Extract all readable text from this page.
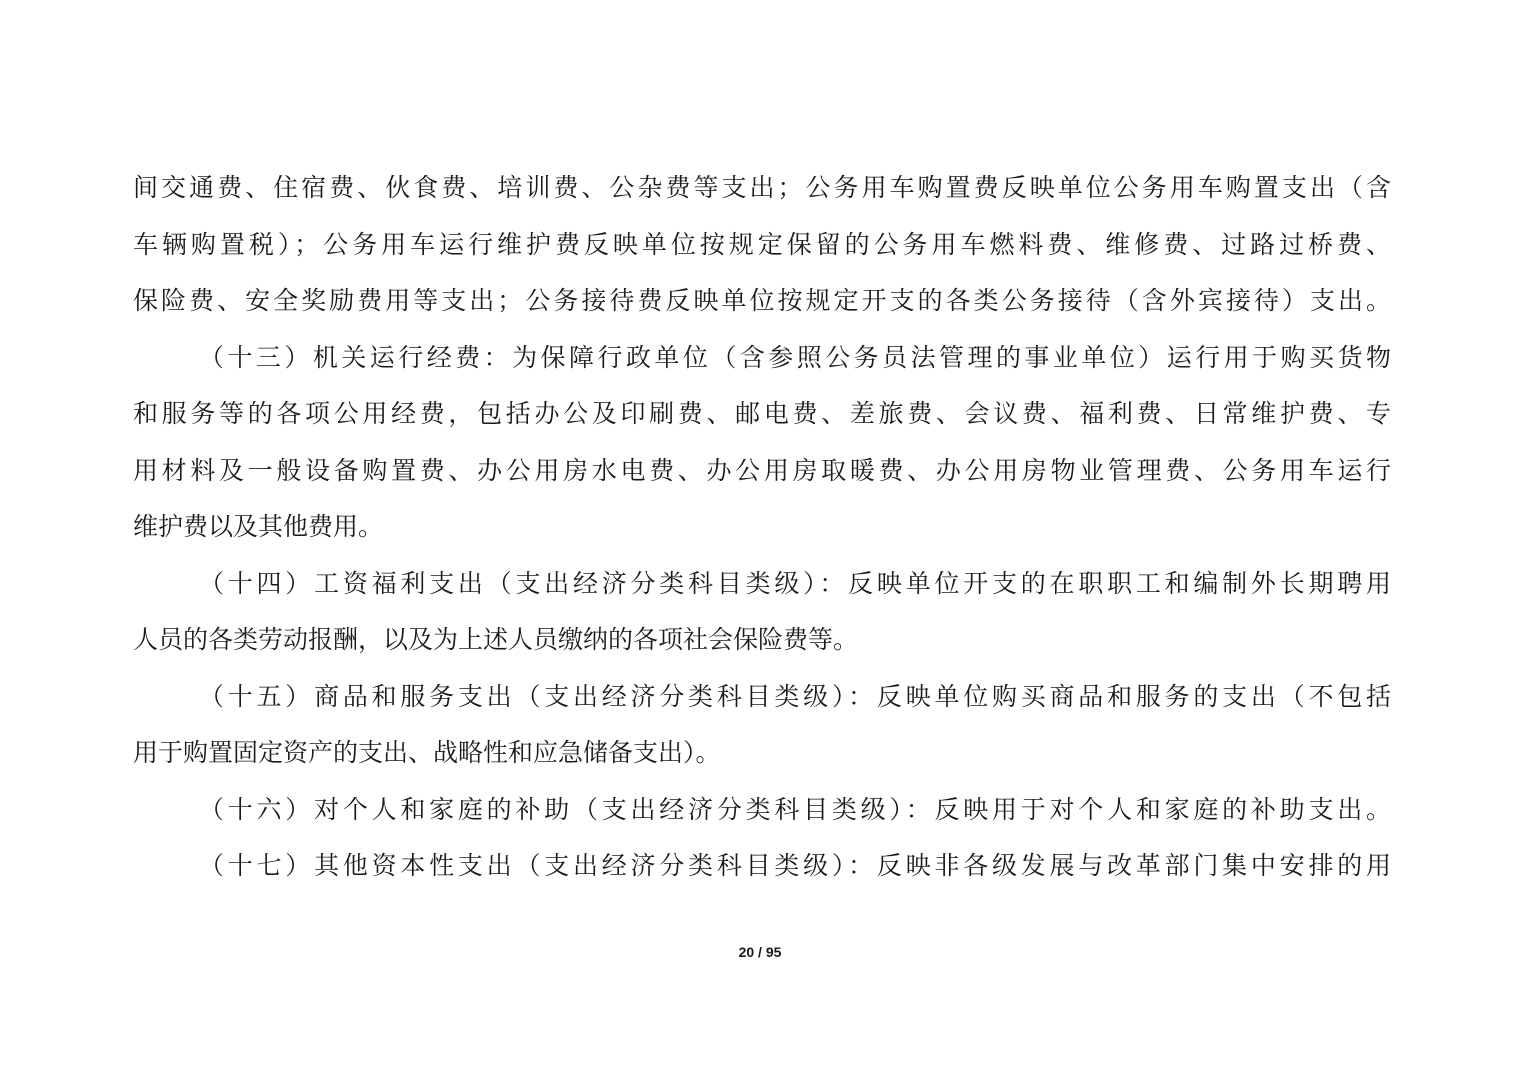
间交通费、住宿费、伙食费、培训费、公杂费等支出；公务用车购置费反映单位公务用车购置支出（含
车辆购置税）；公务用车运行维护费反映单位按规定保留的公务用车燃料费、维修费、过路过桥费、
保险费、安全奖励费用等支出；公务接待费反映单位按规定开支的各类公务接待（含外宾接待）支出。
（十三）机关运行经费：为保障行政单位（含参照公务员法管理的事业单位）运行用于购买货物
和服务等的各项公用经费，包括办公及印刷费、邮电费、差旅费、会议费、福利费、日常维护费、专
用材料及一般设备购置费、办公用房水电费、办公用房取暖费、办公用房物业管理费、公务用车运行
维护费以及其他费用。
（十四）工资福利支出（支出经济分类科目类级）：反映单位开支的在职职工和编制外长期聘用
人员的各类劳动报酬，以及为上述人员缴纳的各项社会保险费等。
（十五）商品和服务支出（支出经济分类科目类级）：反映单位购买商品和服务的支出（不包括
用于购置固定资产的支出、战略性和应急储备支出）。
（十六）对个人和家庭的补助（支出经济分类科目类级）：反映用于对个人和家庭的补助支出。
（十七）其他资本性支出（支出经济分类科目类级）：反映非各级发展与改革部门集中安排的用
20 / 95
